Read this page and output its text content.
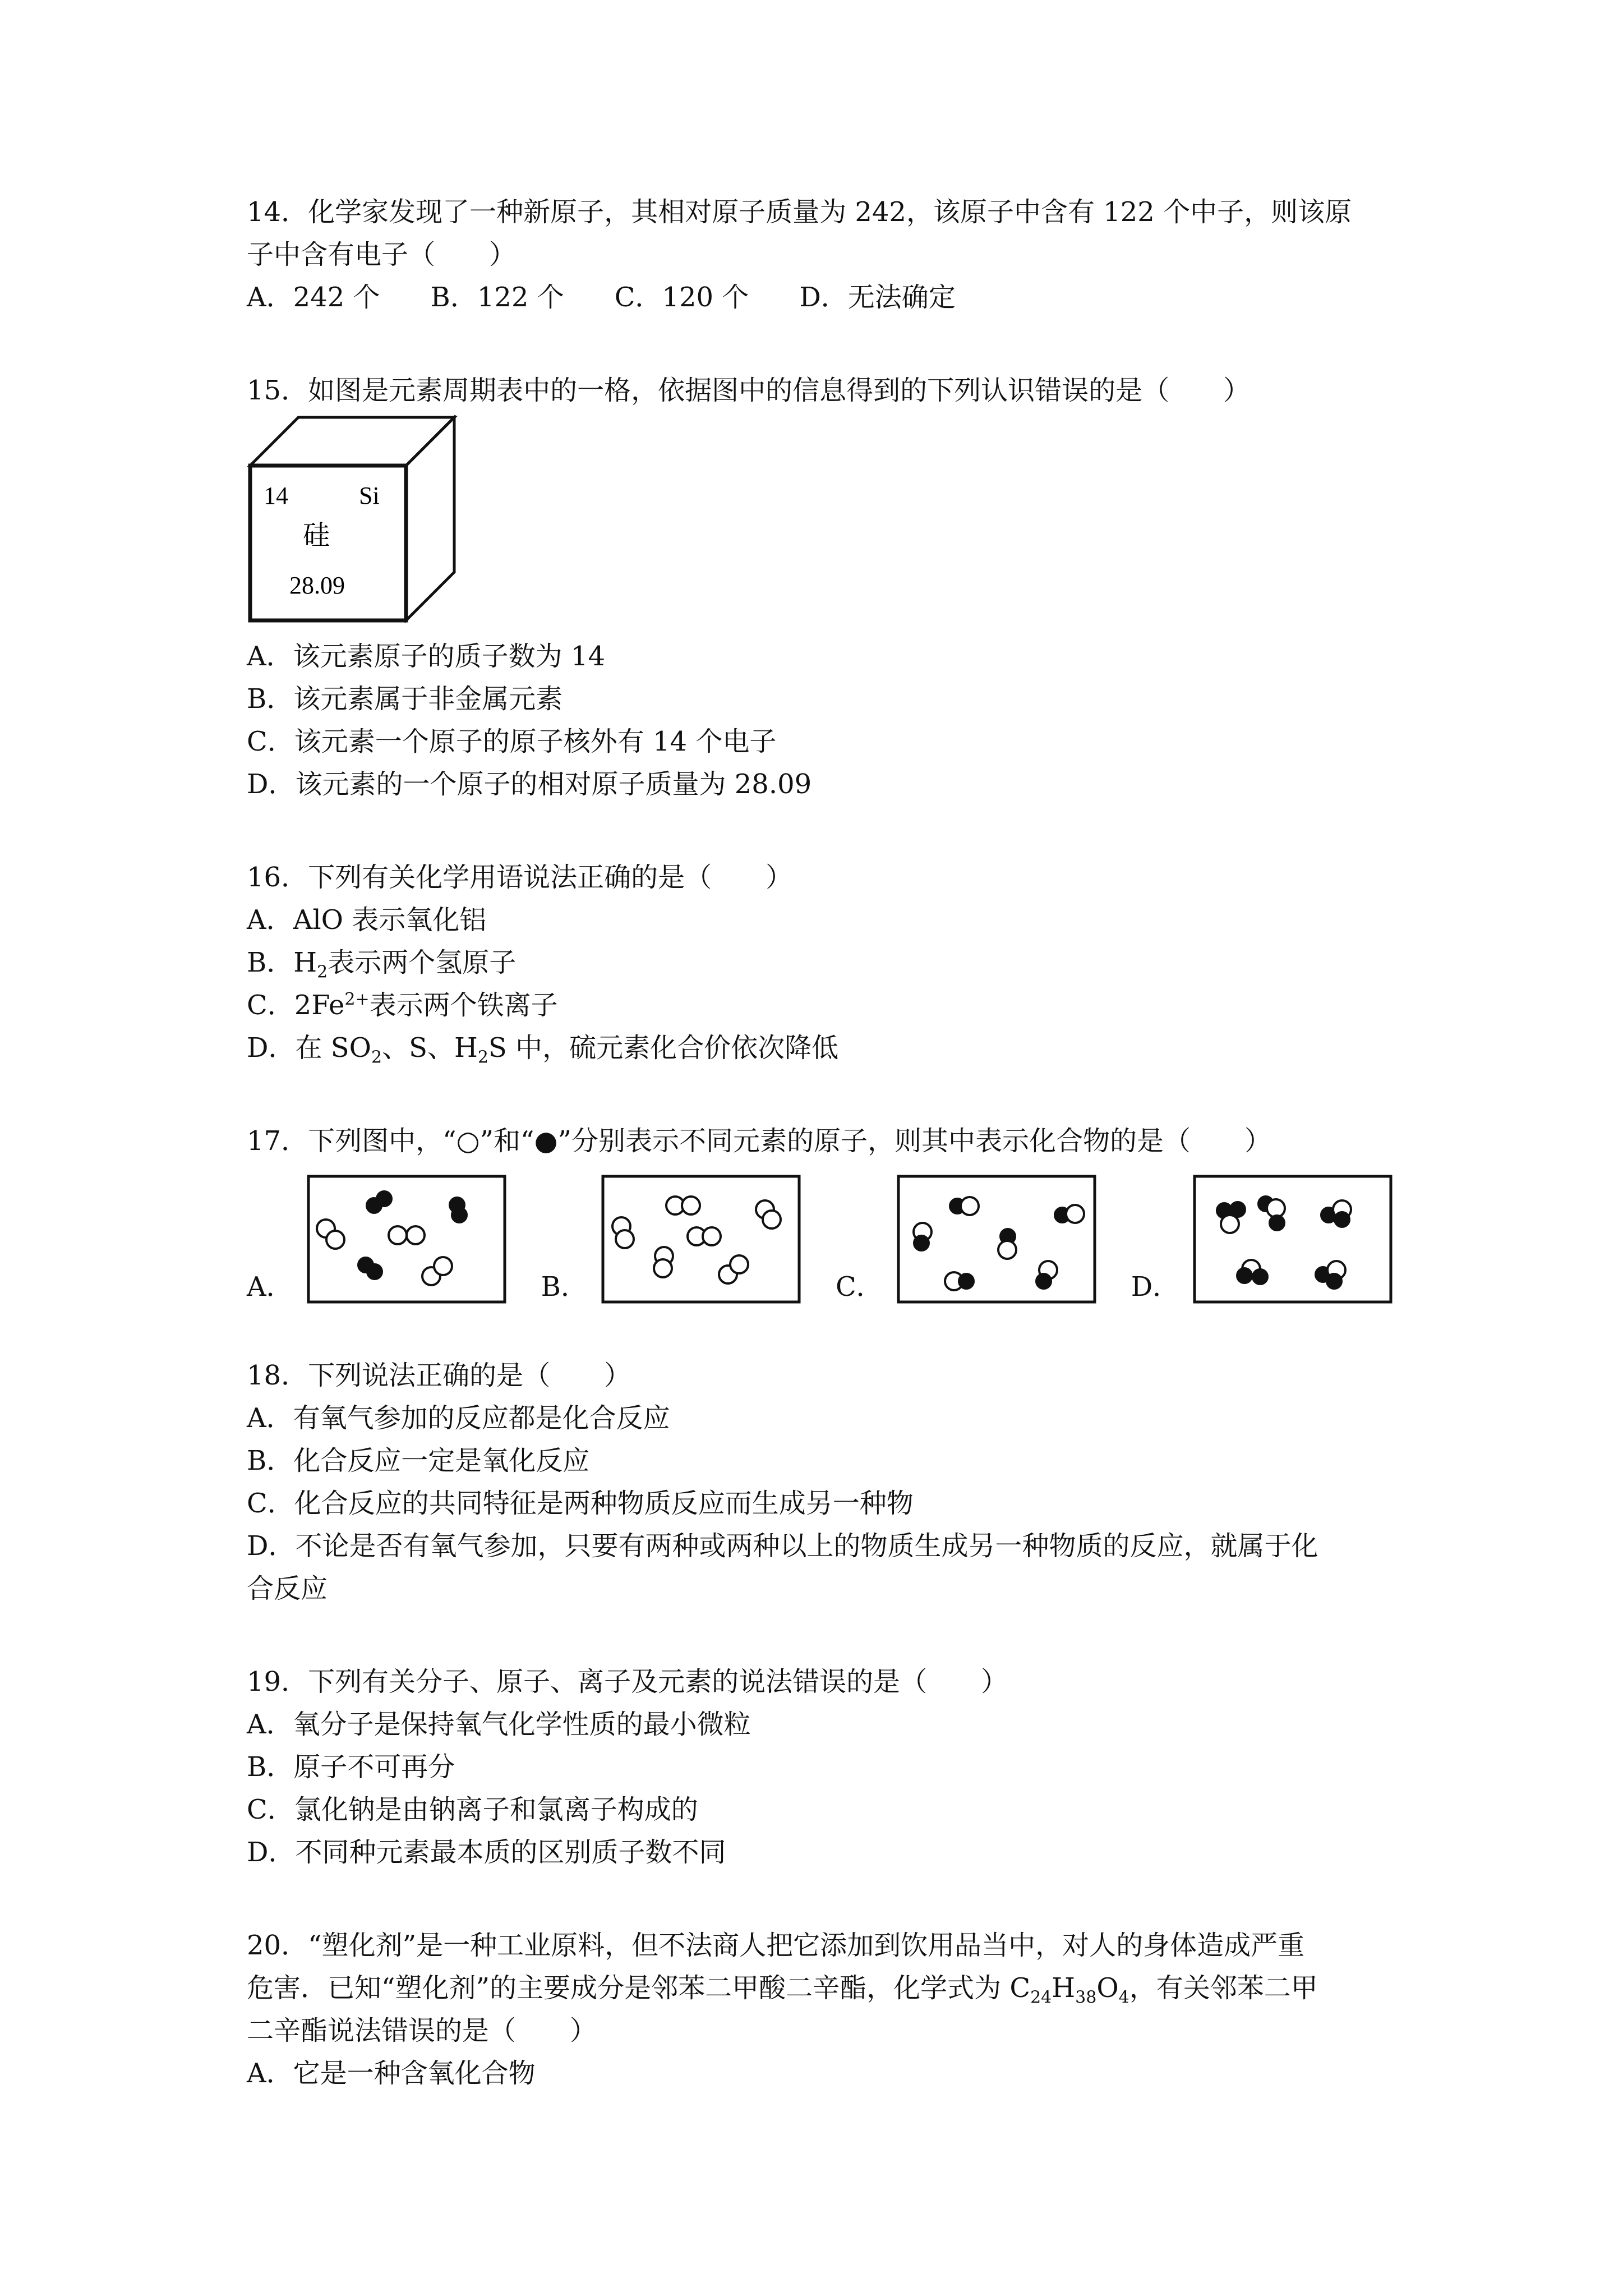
14．化学家发现了一种新原子，其相对原子质量为 242，该原子中含有 122 个中子，则该原
子中含有电子（　　）
A．242 个 B．122 个 C．120 个 D．无法确定
15．如图是元素周期表中的一格，依据图中的信息得到的下列认识错误的是（　　）
14	Si
硅
28.09
A．该元素原子的质子数为 14
B．该元素属于非金属元素
C．该元素一个原子的原子核外有 14 个电子
D．该元素的一个原子的相对原子质量为 28.09
16．下列有关化学用语说法正确的是（　　）
A．AlO 表示氧化铝
B．$H_2$表示两个氢原子
C．$2Fe^{2+}$表示两个铁离子
D．在 $SO_2$、S、$H_2S$ 中，硫元素化合价依次降低
17．下列图中，“○”和“●”分别表示不同元素的原子，则其中表示化合物的是（　　）
A．	B．	C．	D．
18．下列说法正确的是（　　）
A．有氧气参加的反应都是化合反应
B．化合反应一定是氧化反应
C．化合反应的共同特征是两种物质反应而生成另一种物
D．不论是否有氧气参加，只要有两种或两种以上的物质生成另一种物质的反应，就属于化
合反应
19．下列有关分子、原子、离子及元素的说法错误的是（　　）
A．氧分子是保持氧气化学性质的最小微粒
B．原子不可再分
C．氯化钠是由钠离子和氯离子构成的
D．不同种元素最本质的区别质子数不同
20．“塑化剂”是一种工业原料，但不法商人把它添加到饮用品当中，对人的身体造成严重
危害．已知“塑化剂”的主要成分是邻苯二甲酸二辛酯，化学式为 $C_{24}H_{38}O_4$，有关邻苯二甲
二辛酯说法错误的是（　　）
A．它是一种含氧化合物
